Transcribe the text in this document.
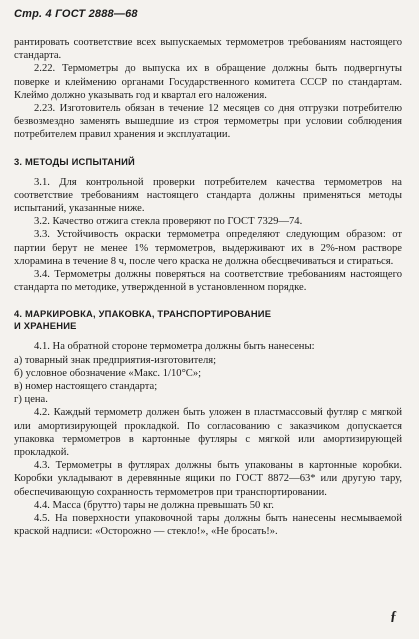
Стр. 4 ГОСТ 2888—68

рантировать соответствие всех выпускаемых термометров требованиям настоящего стандарта.

2.22. Термометры до выпуска их в обращение должны быть подвергнуты поверке и клеймению органами Государственного комитета СССР по стандартам. Клеймо должно указывать год и квартал его наложения.

2.23. Изготовитель обязан в течение 12 месяцев со дня отгрузки потребителю безвозмездно заменять вышедшие из строя термометры при условии соблюдения потребителем правил хранения и эксплуатации.

3. МЕТОДЫ ИСПЫТАНИЙ

3.1. Для контрольной проверки потребителем качества термометров на соответствие требованиям настоящего стандарта должны применяться методы испытаний, указанные ниже.

3.2. Качество отжига стекла проверяют по ГОСТ 7329—74.

3.3. Устойчивость окраски термометра определяют следующим образом: от партии берут не менее 1% термометров, выдерживают их в 2%-ном растворе хлорамина в течение 8 ч, после чего краска не должна обесцвечиваться и стираться.

3.4. Термометры должны поверяться на соответствие требованиям настоящего стандарта по методике, утвержденной в установленном порядке.

4. МАРКИРОВКА, УПАКОВКА, ТРАНСПОРТИРОВАНИЕ

И ХРАНЕНИЕ

4.1. На обратной стороне термометра должны быть нанесены:

а) товарный знак предприятия-изготовителя;

б) условное обозначение «Макс. 1/10°С»;

в) номер настоящего стандарта;

г) цена.

4.2. Каждый термометр должен быть уложен в пластмассовый футляр с мягкой или амортизирующей прокладкой. По согласованию с заказчиком допускается упаковка термометров в картонные футляры с мягкой или амортизирующей прокладкой.

4.3. Термометры в футлярах должны быть упакованы в картонные коробки. Коробки укладывают в деревянные ящики по ГОСТ 8872—63* или другую тару, обеспечивающую сохранность термометров при транспортировании.

4.4. Масса (брутто) тары не должна превышать 50 кг.

4.5. На поверхности упаковочной тары должны быть нанесены несмываемой краской надписи: «Осторожно — стекло!», «Не бросать!».

ƒ
